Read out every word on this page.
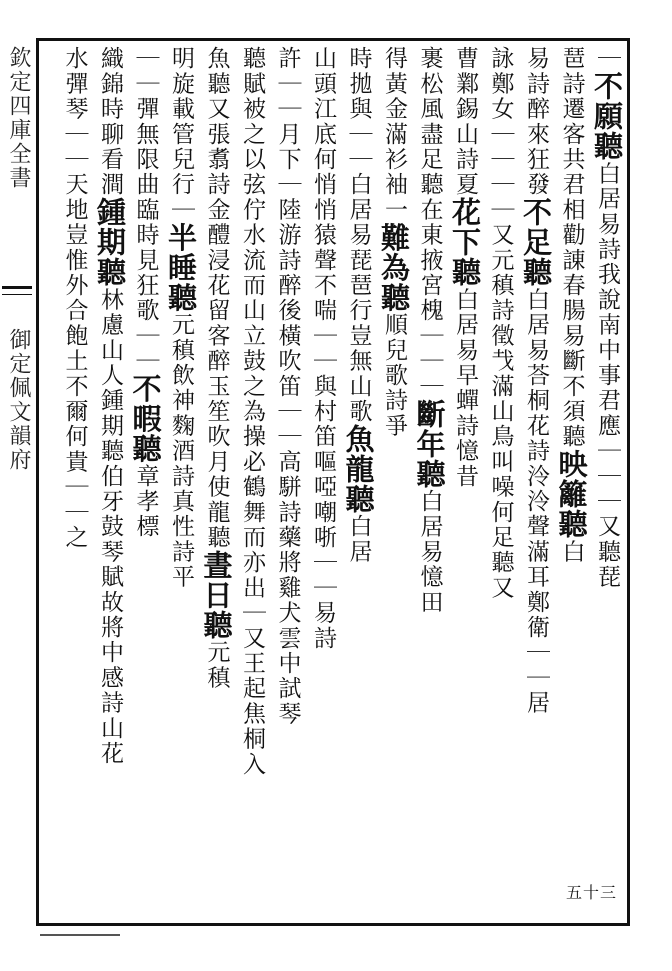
欽定四庫全書
御定佩文韻府
｜不願聽白居易詩我說南中事君應｜｜｜又聽琵
琶詩遷客共君相勸諌春腸易斷不須聽映籬聽白
易詩醉來狂發不足聽白居易荅桐花詩泠泠聲滿耳鄭衛｜｜居
詠鄭女｜｜｜｜又元稹詩徵𢦏滿山鳥叫噪何足聽又
曹鄴錫山詩夏花下聽白居易早蟬詩憶昔
裹松風盡足聽在東掖宮槐｜｜｜斷年聽白居易憶田
得黃金滿衫袖一難為聽順兒歌詩爭
時拋與｜｜白居易琵琶行豈無山歌魚龍聽白居
山頭江底何悄悄猿聲不喘｜｜與村笛嘔啞嘲哳｜｜易詩
許｜｜月下｜陸游詩醉後橫吹笛｜｜高駢詩藥將雞犬雲中試琴
聽賦被之以弦佇水流而山立鼓之為操必鶴舞而亦出｜又王起焦桐入
魚聽又張翥詩金醴浸花留客醉玉笙吹月使龍聽晝日聽元稹
明旋載管兒行｜半睡聽元稹飲神麴酒詩真性詩平
｜｜彈無限曲臨時見狂歌｜｜不暇聽章孝標
織錦時聊看澗鍾期聽林慮山人鍾期聽伯牙鼓琴賦故將中感詩山花
水彈琴｜｜天地豈惟外合飽土不爾何貴｜｜之
五十三
